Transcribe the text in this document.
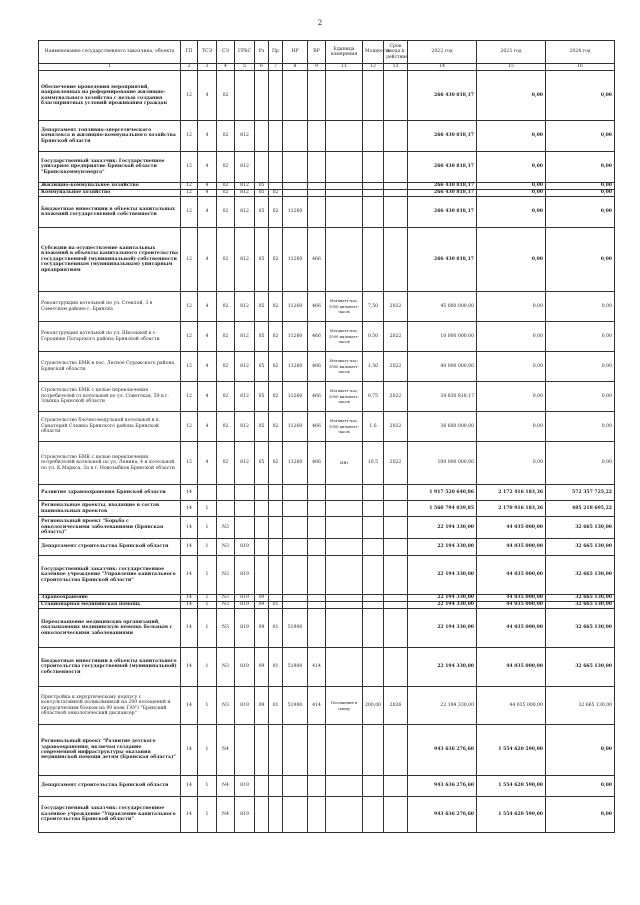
2
Наименование государственного заказчика, объекта	ГП	ТСЭ	СЭ	ГРБС	Рз	Пр	НР	ВР	Единица измерения	Мощность	Срок ввода в действие	2022 год	2023 год	2024 год
1	2	3	4	5	6	7	8	9	11	12	13	14	15	16
Обеспечение проведения мероприятий, направленных на реформирование жилищно-коммунального хозяйства с целью создания благоприятных условий проживания граждан	12	4	02									266 430 818,17	0,00	0,00
Департамент топливно-энергетического комплекса и жилищно-коммунального хозяйства Брянской области	12	4	02	812								266 430 818,17	0,00	0,00
Государственный заказчик: Государственное унитарное предприятие Брянской области "Брянсккоммунэнерго"	12	4	02	812								266 430 818,17	0,00	0,00
Жилищно-коммунальное хозяйство	12	4	02	812	05							266 430 818,17	0,00	0,00
Коммунальное хозяйство	12	4	02	812	05	02						266 430 818,17	0,00	0,00
Бюджетные инвестиции в объекты капитальных вложений государственной собственности	12	4	02	812	05	02	11260					266 430 818,17	0,00	0,00
Субсидии на осуществление капитальных вложений в объекты капитального строительства государственной (муниципальной) собственности государственным (муниципальным) унитарным предприятиям	12	4	02	812	05	02	11260	466				266 430 818,17	0,00	0,00
Реконструкция котельной по ул. Стеклой, 3 в Советском районе г. Брянска	12	4	02	812	05	02	11260	466	Мегаватт-час; 1000 киловатт-часов	7,50	2022	45 000 000,00	0,00	0,00
Реконструкция котельной по ул. Школьной в с. Городище Погарского района Брянской области	12	4	02	812	05	02	11260	466	Мегаватт-час; 1000 киловатт-часов	0,50	2022	10 000 000,00	0,00	0,00
Строительство БМК в пос. Лесное Суражского района Брянской области	12	4	02	812	05	02	11260	466	Мегаватт-час; 1000 киловатт-часов	1,50	2022	40 000 000,00	0,00	0,00
Строительство БМК с целью переключения потребителей от котельной по ул. Советская, 59 в г. Злынка Брянской области	12	4	02	812	05	02	11260	466	Мегаватт-час; 1000 киловатт-часов	0,75	2022	34 830 818,17	0,00	0,00
Строительство блочно-модульной котельной в п. Санаторий Слежка Брянского района Брянской области	12	4	02	812	05	02	11260	466	Мегаватт-час; 1000 киловатт-часов	1,6	2022	36 600 000,00	0,00	0,00
Строительство БМК с целью переключения потребителей котельной по ул. Ленина, 4 и котельной по ул. К.Маркса, 3а в г. Новозыбков Брянской области	12	4	02	812	05	02	11260	466	МВт	10,5	2022	100 000 000,00	0,00	0,00
Развитие здравоохранения Брянской области	14											1 917 520 640,86	2 172 416 183,36	572 357 725,22
Региональные проекты, входящие в состав национальных проектов	14	1										1 560 794 039,85	2 170 916 183,36	485 218 695,22
Региональный проект "Борьба с онкологическими заболеваниями (Брянская область)"	14	1	N3									22 194 330,00	44 035 000,00	32 665 130,00
Департамент строительства Брянской области	14	1	N3	819								22 194 330,00	44 035 000,00	32 665 130,00
Государственный заказчик: государственное казённое учреждение "Управление капитального строительства Брянской области"	14	1	N3	819								22 194 330,00	44 035 000,00	32 665 130,00
Здравоохранение	14	1	N3	819	09							22 194 330,00	44 035 000,00	32 665 130,00
Стационарная медицинская помощь	14	1	N3	819	09	01						22 194 330,00	44 035 000,00	32 665 130,00
Переоснащение медицинских организаций, оказывающих медицинскую помощь больным с онкологическими заболеваниями	14	1	N3	819	09	01	51900					22 194 330,00	44 035 000,00	32 665 130,00
Бюджетные инвестиции в объекты капитального строительства государственной (муниципальной) собственности	14	1	N3	819	09	01	51900	414				22 194 330,00	44 035 000,00	32 665 130,00
Пристройка к хирургическому корпусу с консультативной поликлиникой на 200 посещений и хирургическим блоком на 90 коек ГАУЗ "Брянский областной онкологический диспансер"	14	1	N3	819	09	01	51900	414	Посещение в смену	200,00	2026	22 194 330,00	44 035 000,00	32 665 130,00
Региональный проект "Развитие детского здравоохранения, включая создание современной инфраструктуры оказания медицинской помощи детям (Брянская область)"	14	1	N4									943 636 276,60	1 554 620 590,00	0,00
Департамент строительства Брянской области	14	1	N4	819								943 636 276,60	1 554 620 590,00	0,00
Государственный заказчик: государственное казённое учреждение "Управление капитального строительства Брянской области"	14	1	N4	819								943 636 276,60	1 554 620 590,00	0,00
